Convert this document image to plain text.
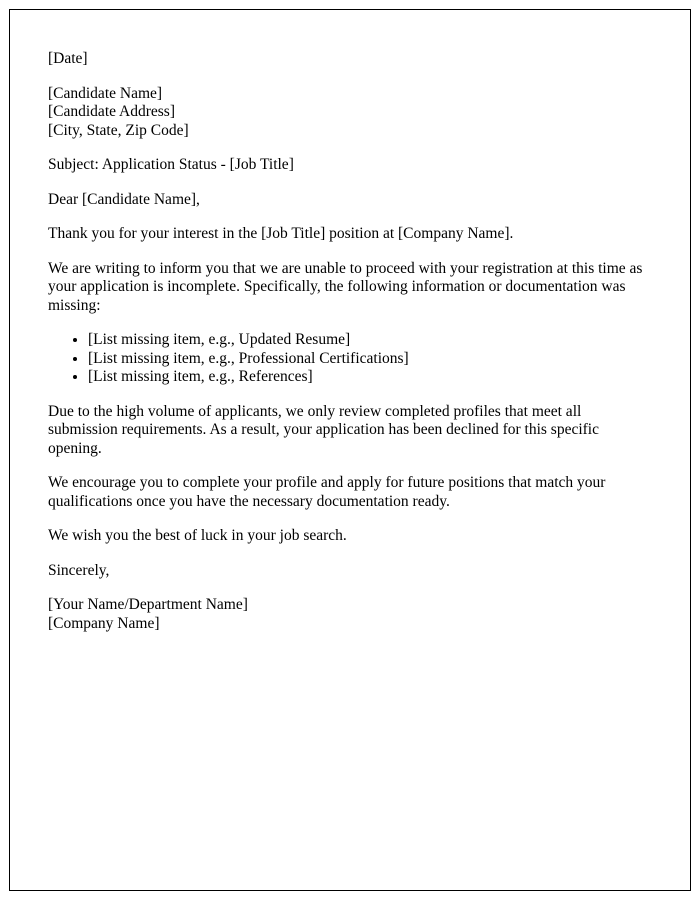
[Date]

[Candidate Name]

[Candidate Address]

[City, State, Zip Code]

Subject: Application Status - [Job Title]

Dear [Candidate Name],

Thank you for your interest in the [Job Title] position at [Company Name].

We are writing to inform you that we are unable to proceed with your registration at this time as your application is incomplete. Specifically, the following information or documentation was missing:

• [List missing item, e.g., Updated Resume]
• [List missing item, e.g., Professional Certifications]
• [List missing item, e.g., References]

Due to the high volume of applicants, we only review completed profiles that meet all submission requirements. As a result, your application has been declined for this specific opening.

We encourage you to complete your profile and apply for future positions that match your qualifications once you have the necessary documentation ready.

We wish you the best of luck in your job search.

Sincerely,

[Your Name/Department Name]

[Company Name]
